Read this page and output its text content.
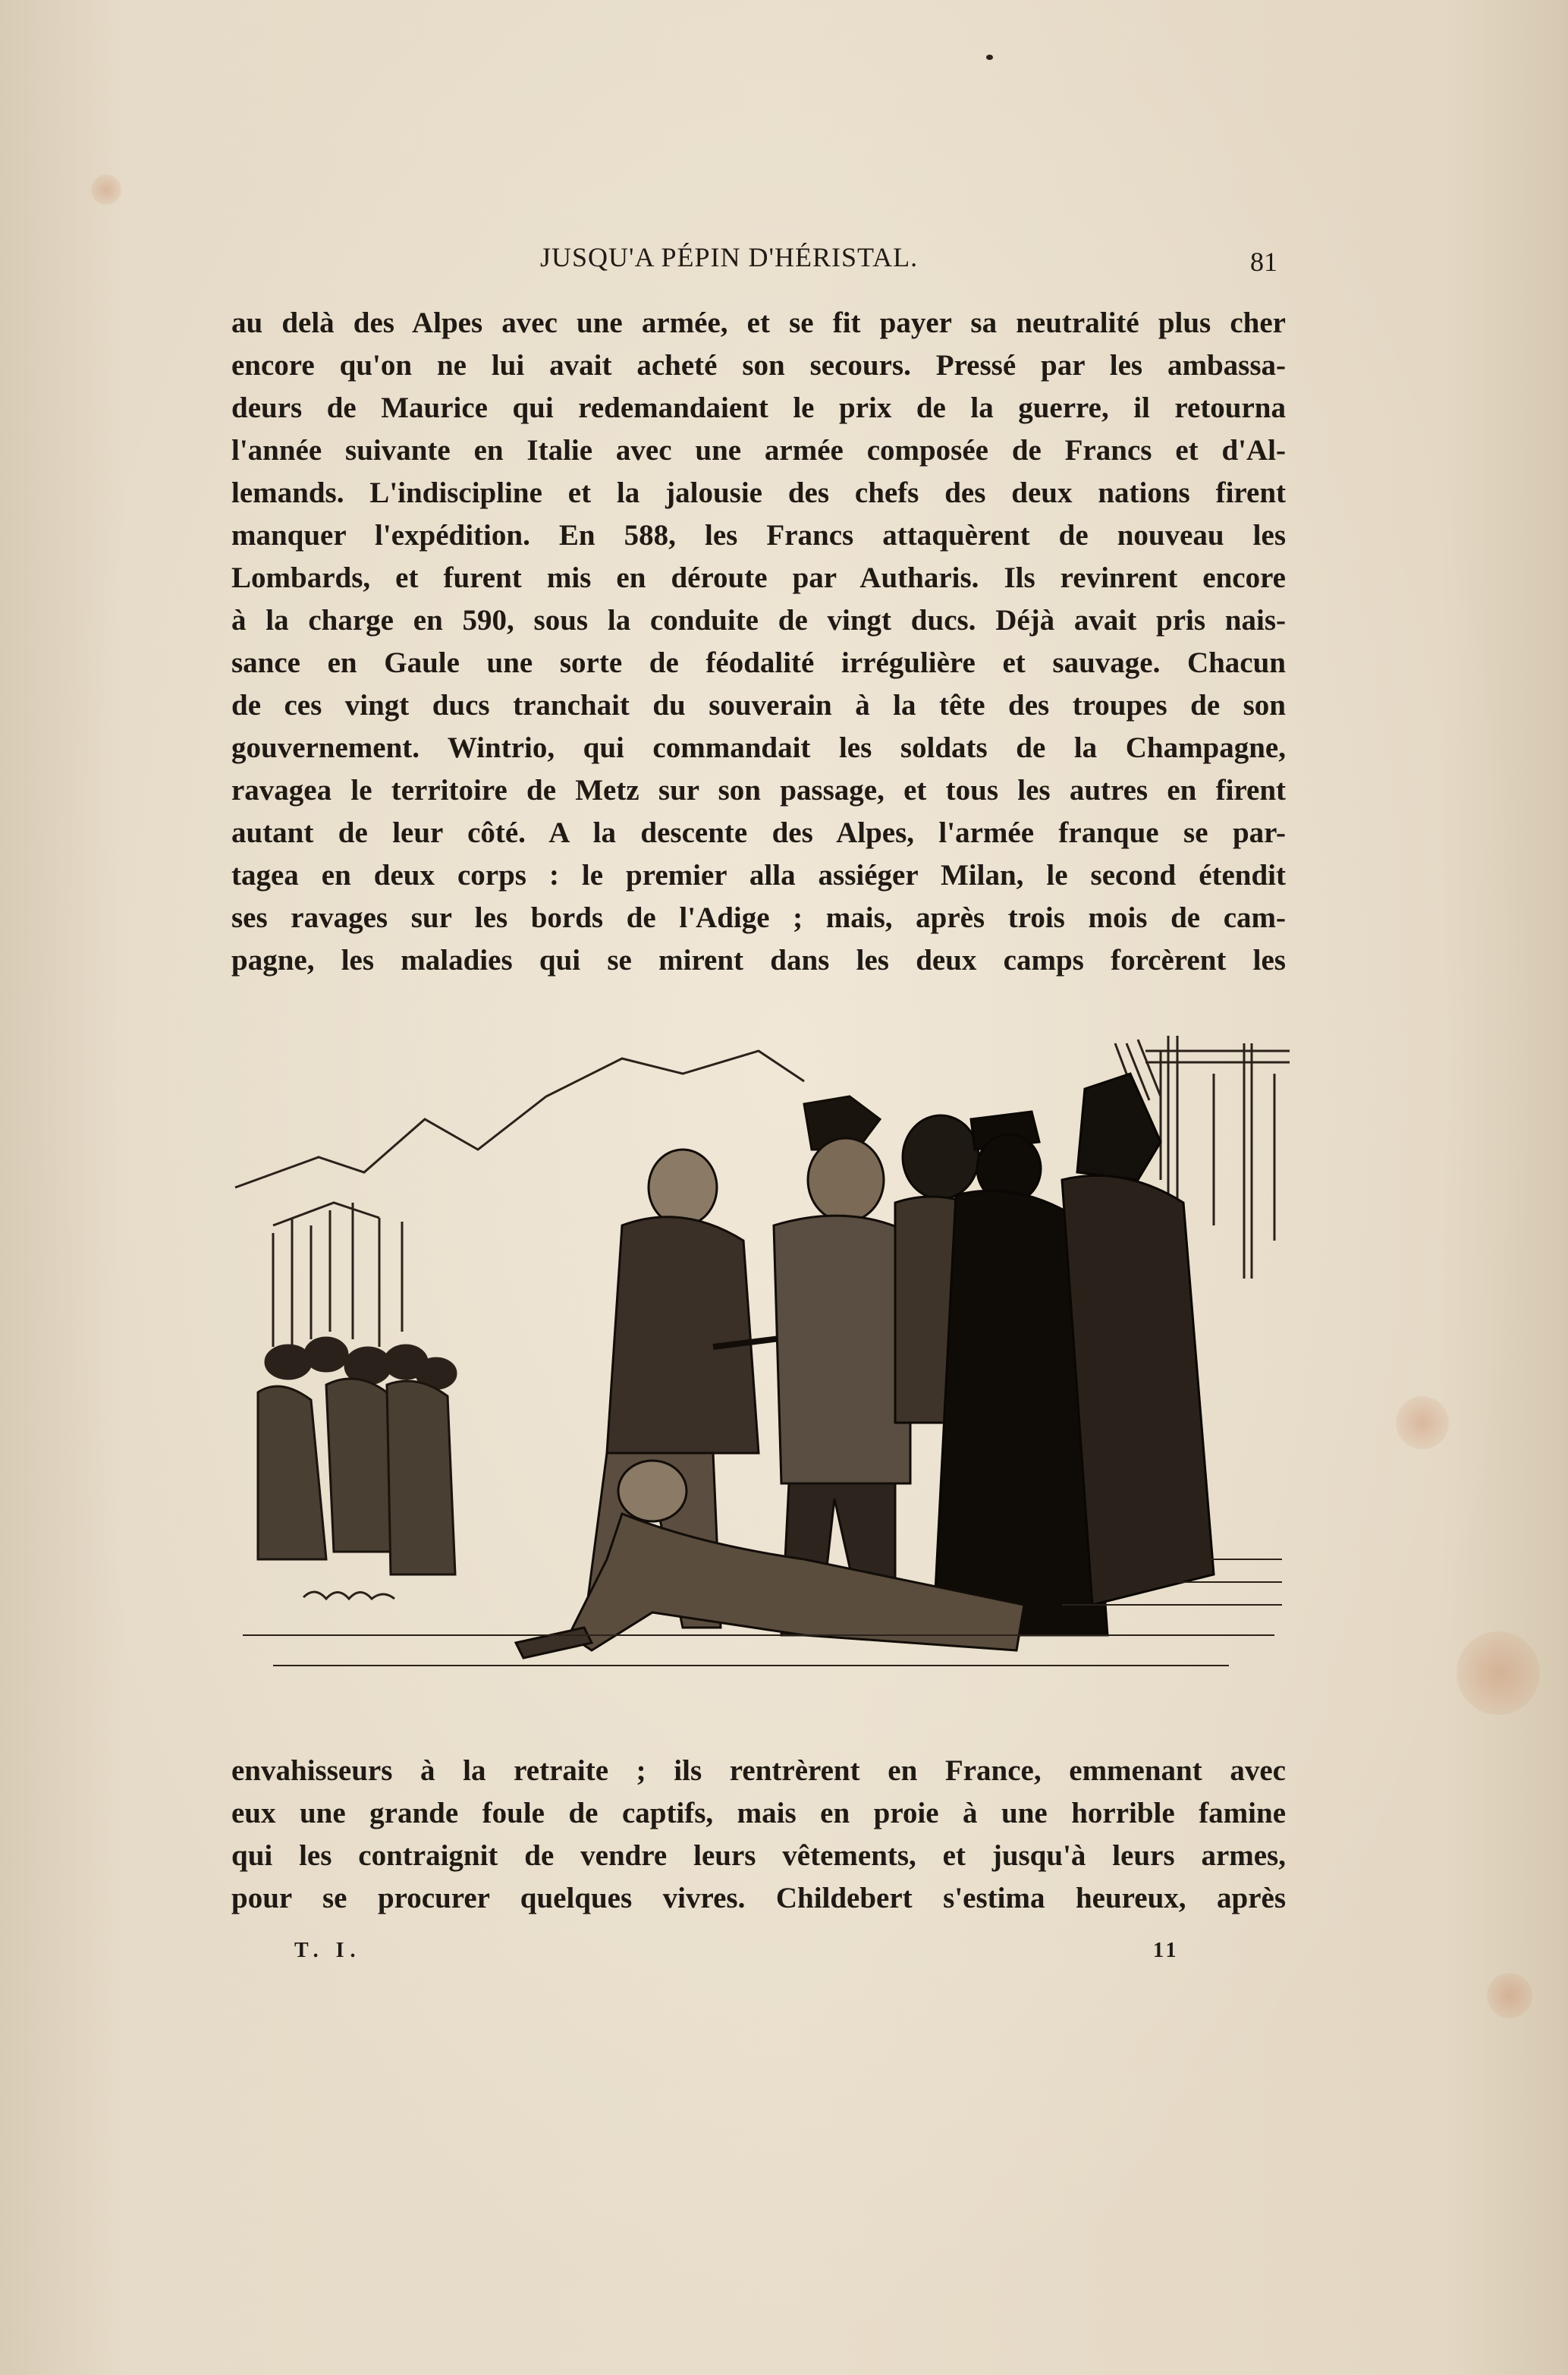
JUSQU'A PÉPIN D'HÉRISTAL.	81
au delà des Alpes avec une armée, et se fit payer sa neutralité plus cher
encore qu'on ne lui avait acheté son secours. Pressé par les ambassa-
deurs de Maurice qui redemandaient le prix de la guerre, il retourna
l'année suivante en Italie avec une armée composée de Francs et d'Al-
lemands. L'indiscipline et la jalousie des chefs des deux nations firent
manquer l'expédition. En 588, les Francs attaquèrent de nouveau les
Lombards, et furent mis en déroute par Autharis. Ils revinrent encore
à la charge en 590, sous la conduite de vingt ducs. Déjà avait pris nais-
sance en Gaule une sorte de féodalité irrégulière et sauvage. Chacun
de ces vingt ducs tranchait du souverain à la tête des troupes de son
gouvernement. Wintrio, qui commandait les soldats de la Champagne,
ravagea le territoire de Metz sur son passage, et tous les autres en firent
autant de leur côté. A la descente des Alpes, l'armée franque se par-
tagea en deux corps : le premier alla assiéger Milan, le second étendit
ses ravages sur les bords de l'Adige ; mais, après trois mois de cam-
pagne, les maladies qui se mirent dans les deux camps forcèrent les
envahisseurs à la retraite ; ils rentrèrent en France, emmenant avec
eux une grande foule de captifs, mais en proie à une horrible famine
qui les contraignit de vendre leurs vêtements, et jusqu'à leurs armes,
pour se procurer quelques vivres. Childebert s'estima heureux, après
T. I.	11
